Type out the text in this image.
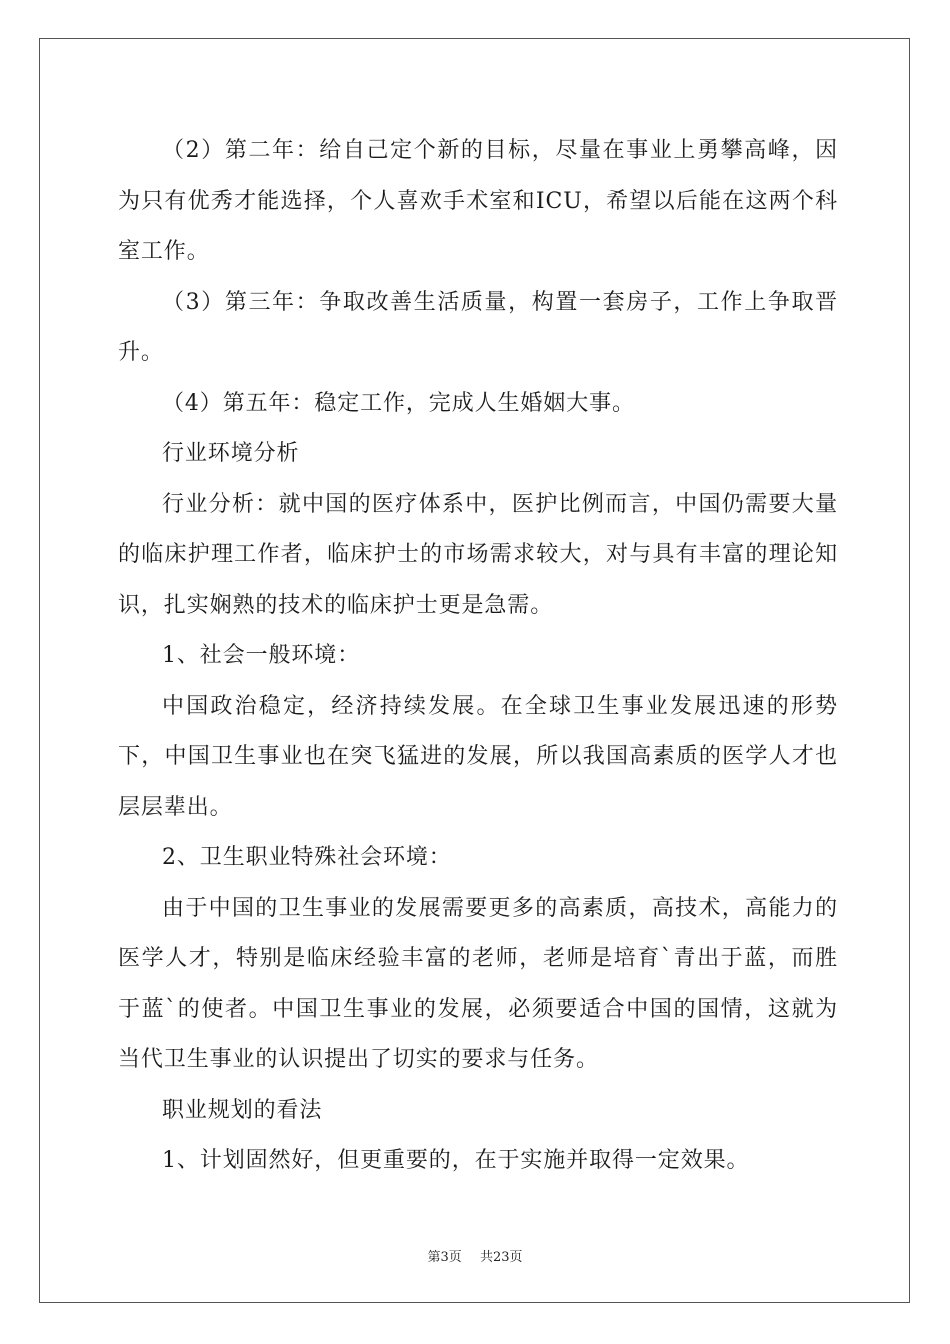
（2）第二年：给自己定个新的目标，尽量在事业上勇攀高峰，因为只有优秀才能选择，个人喜欢手术室和ICU，希望以后能在这两个科室工作。

（3）第三年：争取改善生活质量，构置一套房子，工作上争取晋升。

（4）第五年：稳定工作，完成人生婚姻大事。

行业环境分析

行业分析：就中国的医疗体系中，医护比例而言，中国仍需要大量的临床护理工作者，临床护士的市场需求较大，对与具有丰富的理论知识，扎实娴熟的技术的临床护士更是急需。

1、社会一般环境：

中国政治稳定，经济持续发展。在全球卫生事业发展迅速的形势下，中国卫生事业也在突飞猛进的发展，所以我国高素质的医学人才也层层辈出。

2、卫生职业特殊社会环境：

由于中国的卫生事业的发展需要更多的高素质，高技术，高能力的医学人才，特别是临床经验丰富的老师，老师是培育`青出于蓝，而胜于蓝`的使者。中国卫生事业的发展，必须要适合中国的国情，这就为当代卫生事业的认识提出了切实的要求与任务。

职业规划的看法

1、计划固然好，但更重要的，在于实施并取得一定效果。

第3页 共23页
